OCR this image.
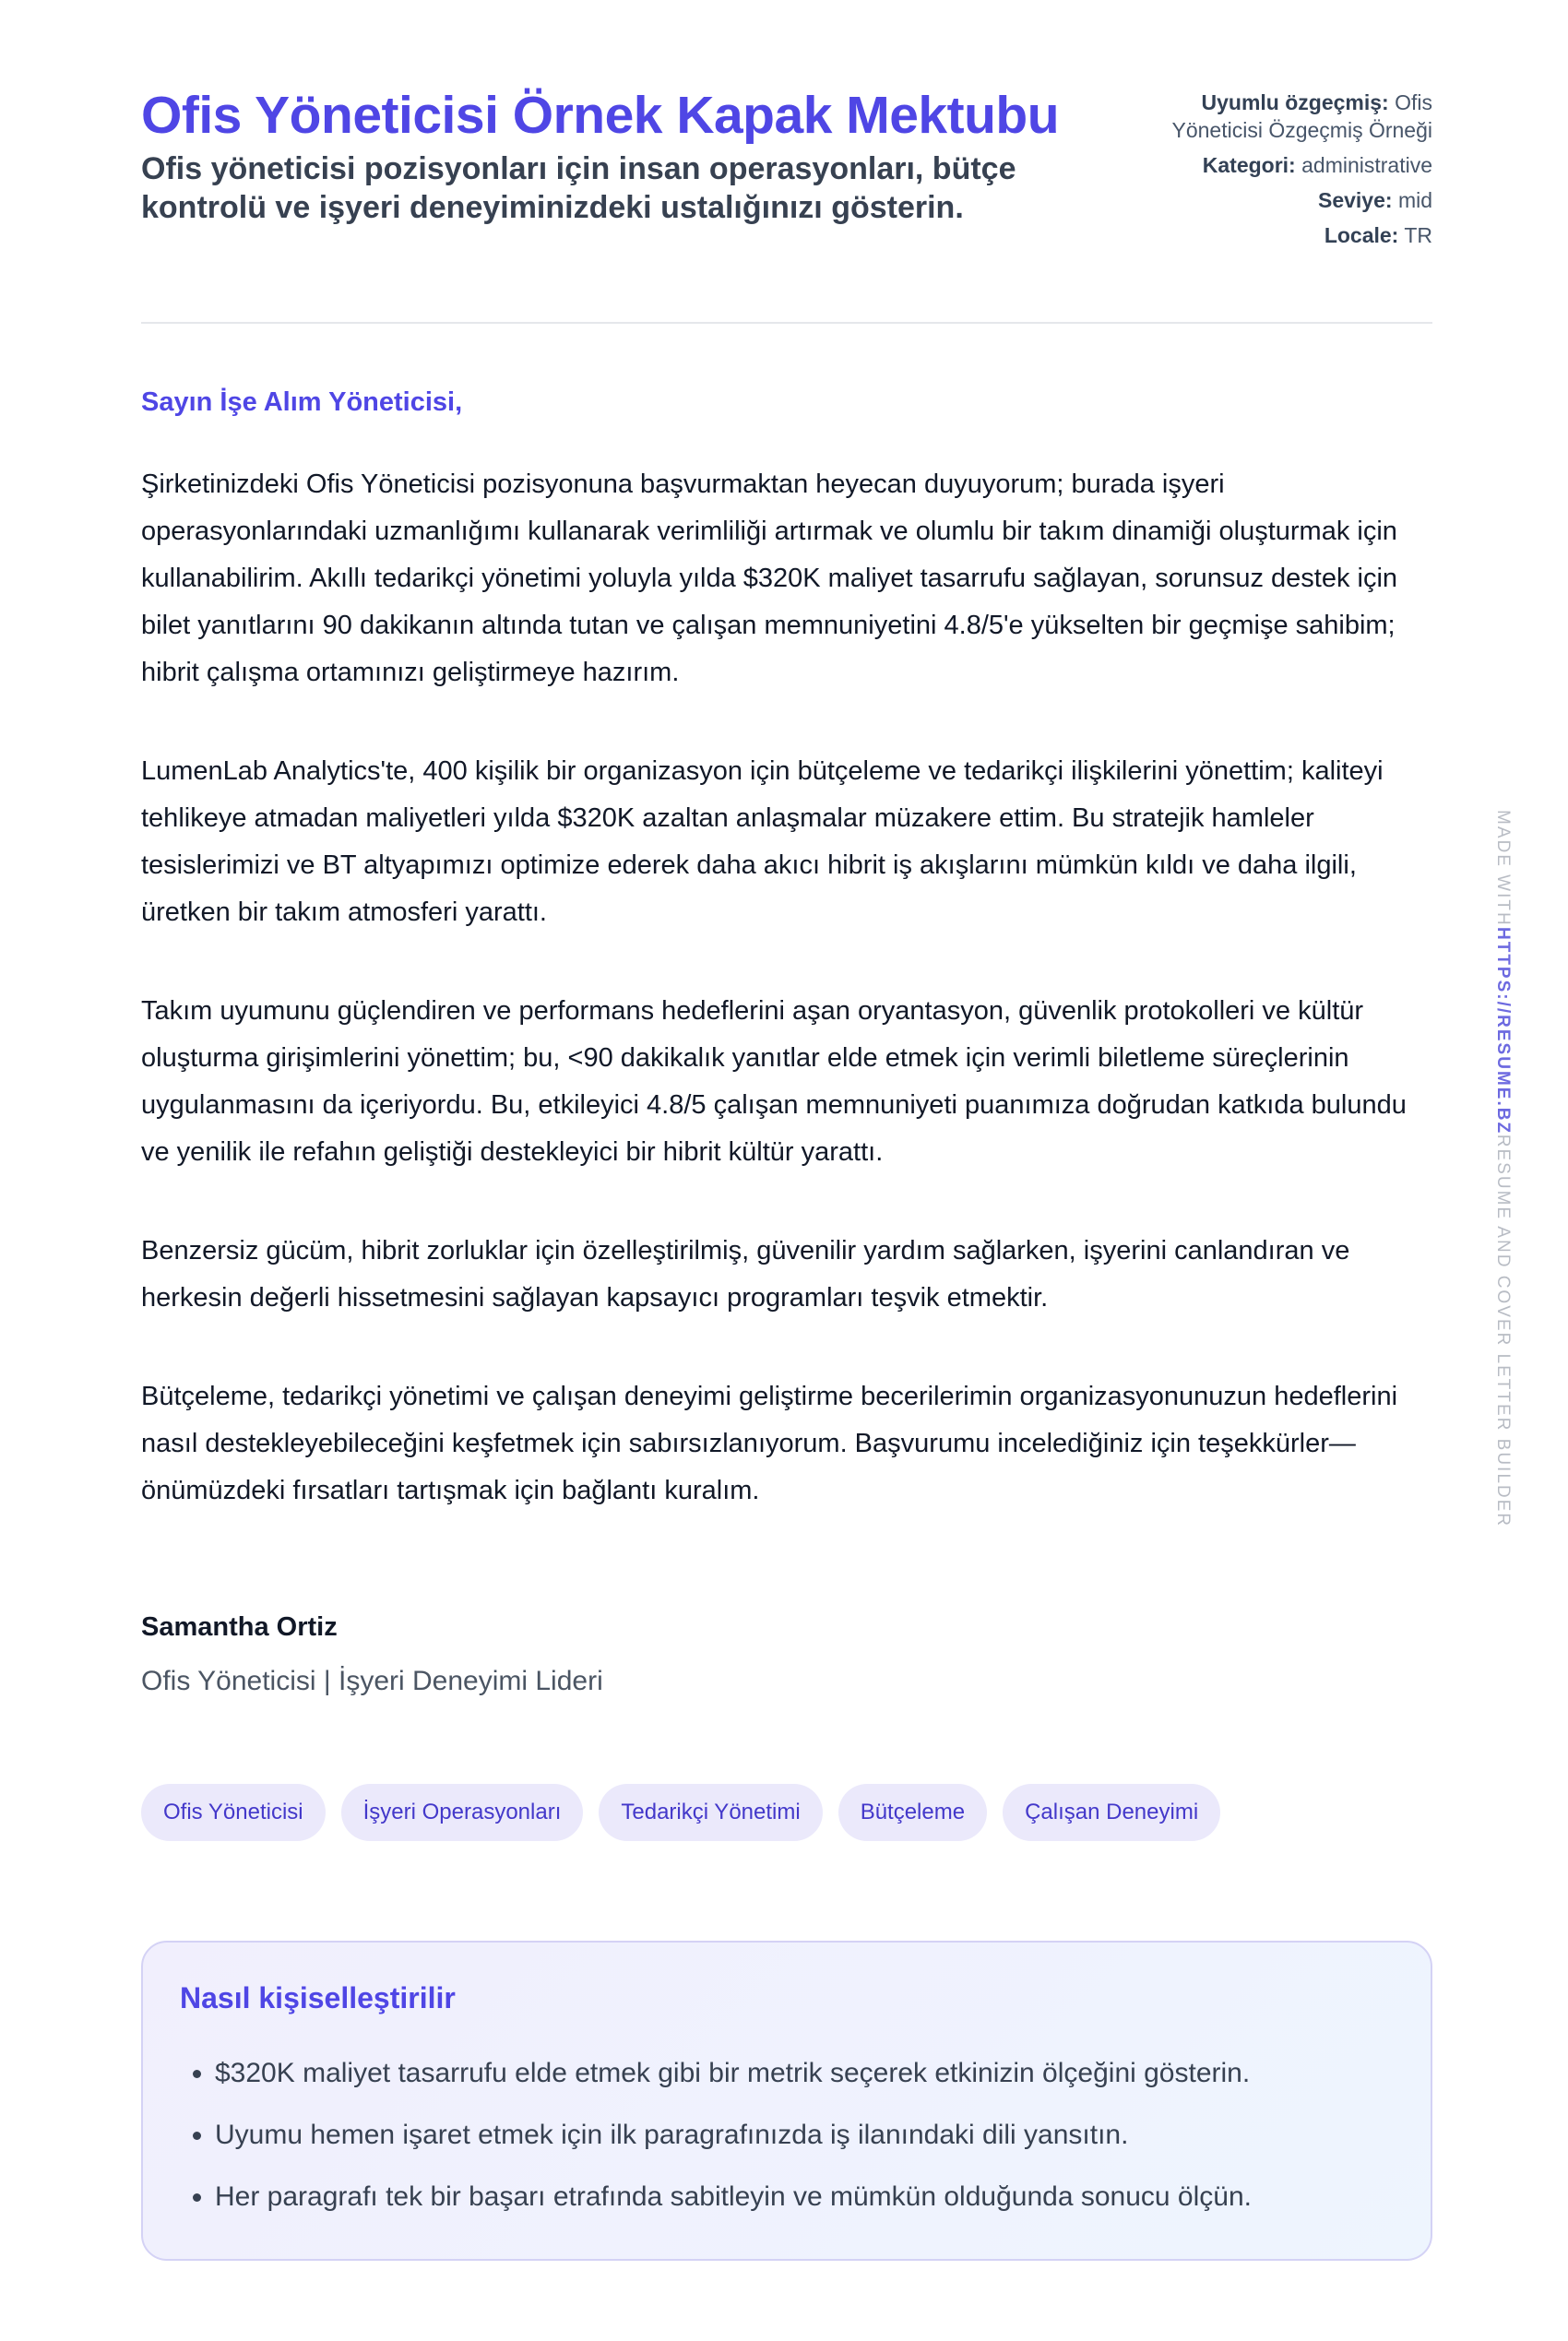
Ofis Yöneticisi Örnek Kapak Mektubu

Ofis yöneticisi pozisyonları için insan operasyonları, bütçe kontrolü ve işyeri deneyiminizdeki ustalığınızı gösterin.

Uyumlu özgeçmiş: Ofis Yöneticisi Özgeçmiş Örneği
Kategori: administrative
Seviye: mid
Locale: TR
Sayın İşe Alım Yöneticisi,

Şirketinizdeki Ofis Yöneticisi pozisyonuna başvurmaktan heyecan duyuyorum; burada işyeri operasyonlarındaki uzmanlığımı kullanarak verimliliği artırmak ve olumlu bir takım dinamiği oluşturmak için kullanabilirim. Akıllı tedarikçi yönetimi yoluyla yılda $320K maliyet tasarrufu sağlayan, sorunsuz destek için bilet yanıtlarını 90 dakikanın altında tutan ve çalışan memnuniyetini 4.8/5'e yükselten bir geçmişe sahibim; hibrit çalışma ortamınızı geliştirmeye hazırım.

LumenLab Analytics'te, 400 kişilik bir organizasyon için bütçeleme ve tedarikçi ilişkilerini yönettim; kaliteyi tehlikeye atmadan maliyetleri yılda $320K azaltan anlaşmalar müzakere ettim. Bu stratejik hamleler tesislerimizi ve BT altyapımızı optimize ederek daha akıcı hibrit iş akışlarını mümkün kıldı ve daha ilgili, üretken bir takım atmosferi yarattı.

Takım uyumunu güçlendiren ve performans hedeflerini aşan oryantasyon, güvenlik protokolleri ve kültür oluşturma girişimlerini yönettim; bu, <90 dakikalık yanıtlar elde etmek için verimli biletleme süreçlerinin uygulanmasını da içeriyordu. Bu, etkileyici 4.8/5 çalışan memnuniyeti puanımıza doğrudan katkıda bulundu ve yenilik ile refahın geliştiği destekleyici bir hibrit kültür yarattı.

Benzersiz gücüm, hibrit zorluklar için özelleştirilmiş, güvenilir yardım sağlarken, işyerini canlandıran ve herkesin değerli hissetmesini sağlayan kapsayıcı programları teşvik etmektir.

Bütçeleme, tedarikçi yönetimi ve çalışan deneyimi geliştirme becerilerimin organizasyonunuzun hedeflerini nasıl destekleyebileceğini keşfetmek için sabırsızlanıyorum. Başvurumu incelediğiniz için teşekkürler—önümüzdeki fırsatları tartışmak için bağlantı kuralım.

Samantha Ortiz
Ofis Yöneticisi | İşyeri Deneyimi Lideri
Ofis Yöneticisi	İşyeri Operasyonları	Tedarikçi Yönetimi	Bütçeleme	Çalışan Deneyimi
Nasıl kişiselleştirilir
• $320K maliyet tasarrufu elde etmek gibi bir metrik seçerek etkinizin ölçeğini gösterin.
• Uyumu hemen işaret etmek için ilk paragrafınızda iş ilanındaki dili yansıtın.
• Her paragrafı tek bir başarı etrafında sabitleyin ve mümkün olduğunda sonucu ölçün.
MADE WITHHTTPS://RESUME.BZRESUME AND COVER LETTER BUILDER
